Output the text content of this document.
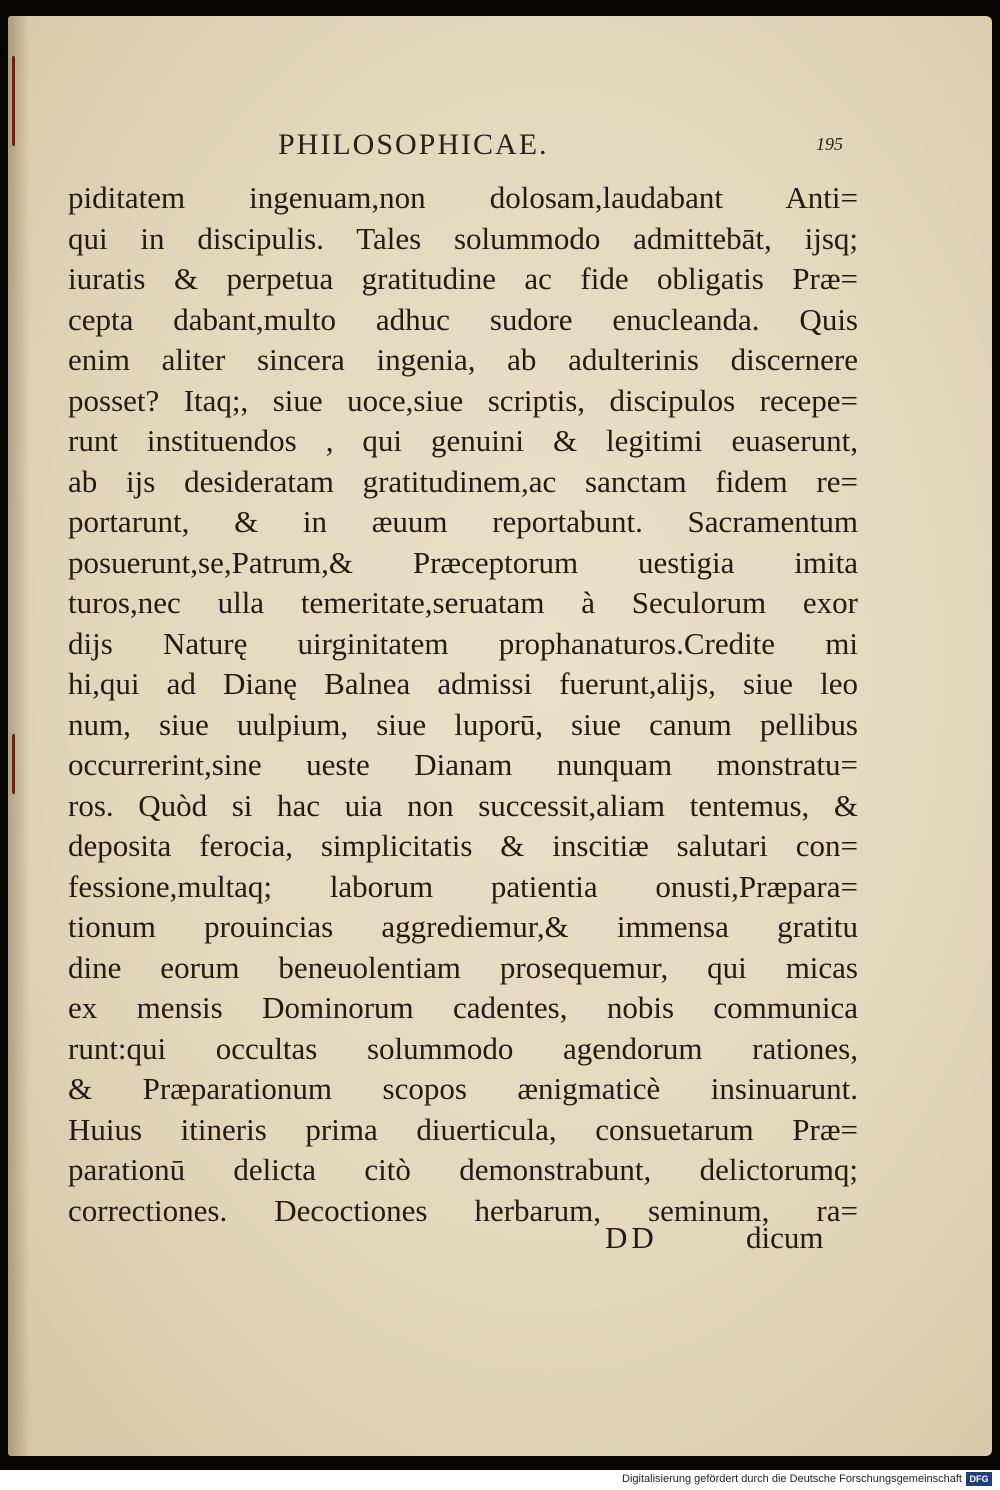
PHILOSOPHICAE.	195
piditatem ingenuam,non dolosam,laudabant Anti=
qui in discipulis. Tales solummodo admittebāt, ijsq;
iuratis & perpetua gratitudine ac fide obligatis Præ=
cepta dabant,multo adhuc sudore enucleanda. Quis
enim aliter sincera ingenia, ab adulterinis discernere
posset? Itaq;, siue uoce,siue scriptis, discipulos recepe=
runt instituendos , qui genuini & legitimi euaserunt,
ab ijs desideratam gratitudinem,ac sanctam fidem re=
portarunt, & in æuum reportabunt. Sacramentum
posuerunt,se,Patrum,& Præceptorum uestigia imita
turos,nec ulla temeritate,seruatam à Seculorum exor
dijs Naturę uirginitatem prophanaturos.Credite mi
hi,qui ad Dianę Balnea admissi fuerunt,alijs, siue leo
num, siue uulpium, siue luporū, siue canum pellibus
occurrerint,sine ueste Dianam nunquam monstratu=
ros. Quòd si hac uia non successit,aliam tentemus, &
deposita ferocia, simplicitatis & inscitiæ salutari con=
fessione,multaq; laborum patientia onusti,Præpara=
tionum prouincias aggrediemur,& immensa gratitu
dine eorum beneuolentiam prosequemur, qui micas
ex mensis Dominorum cadentes, nobis communica
runt:qui occultas solummodo agendorum rationes,
& Præparationum scopos ænigmaticè insinuarunt.
Huius itineris prima diuerticula, consuetarum Præ=
parationū delicta citò demonstrabunt, delictorumq;
correctiones. Decoctiones herbarum, seminum, ra=
DD	dicum
Digitalisierung gefördert durch die Deutsche Forschungsgemeinschaft DFG
